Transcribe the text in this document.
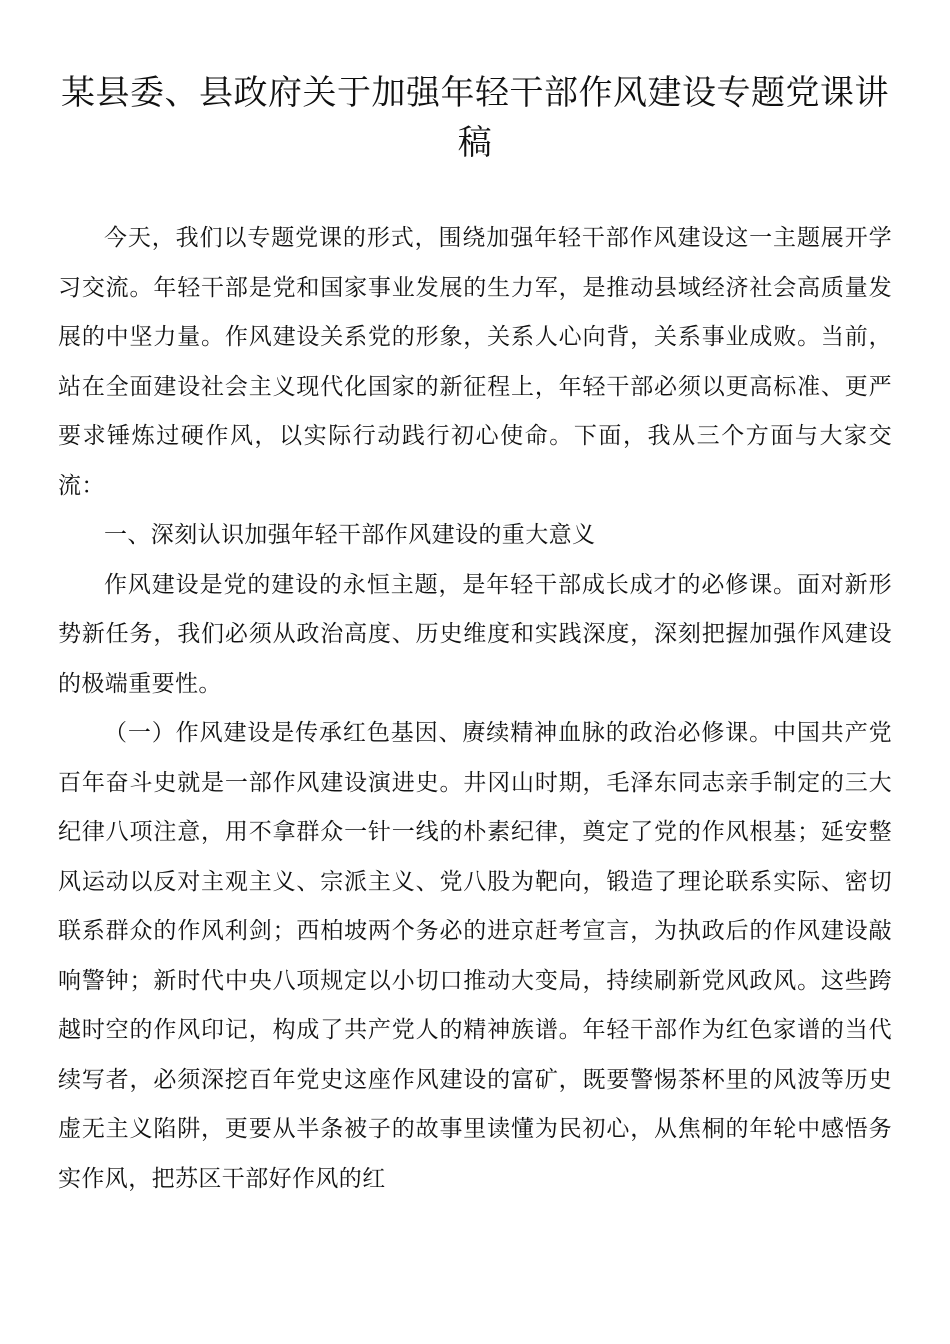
某县委、县政府关于加强年轻干部作风建设专题党课讲稿

今天，我们以专题党课的形式，围绕加强年轻干部作风建设这一主题展开学习交流。年轻干部是党和国家事业发展的生力军，是推动县域经济社会高质量发展的中坚力量。作风建设关系党的形象，关系人心向背，关系事业成败。当前，站在全面建设社会主义现代化国家的新征程上，年轻干部必须以更高标准、更严要求锤炼过硬作风，以实际行动践行初心使命。下面，我从三个方面与大家交流：

一、深刻认识加强年轻干部作风建设的重大意义

作风建设是党的建设的永恒主题，是年轻干部成长成才的必修课。面对新形势新任务，我们必须从政治高度、历史维度和实践深度，深刻把握加强作风建设的极端重要性。

（一）作风建设是传承红色基因、赓续精神血脉的政治必修课。中国共产党百年奋斗史就是一部作风建设演进史。井冈山时期，毛泽东同志亲手制定的三大纪律八项注意，用不拿群众一针一线的朴素纪律，奠定了党的作风根基；延安整风运动以反对主观主义、宗派主义、党八股为靶向，锻造了理论联系实际、密切联系群众的作风利剑；西柏坡两个务必的进京赶考宣言，为执政后的作风建设敲响警钟；新时代中央八项规定以小切口推动大变局，持续刷新党风政风。这些跨越时空的作风印记，构成了共产党人的精神族谱。年轻干部作为红色家谱的当代续写者，必须深挖百年党史这座作风建设的富矿，既要警惕茶杯里的风波等历史虚无主义陷阱，更要从半条被子的故事里读懂为民初心，从焦桐的年轮中感悟务实作风，把苏区干部好作风的红
